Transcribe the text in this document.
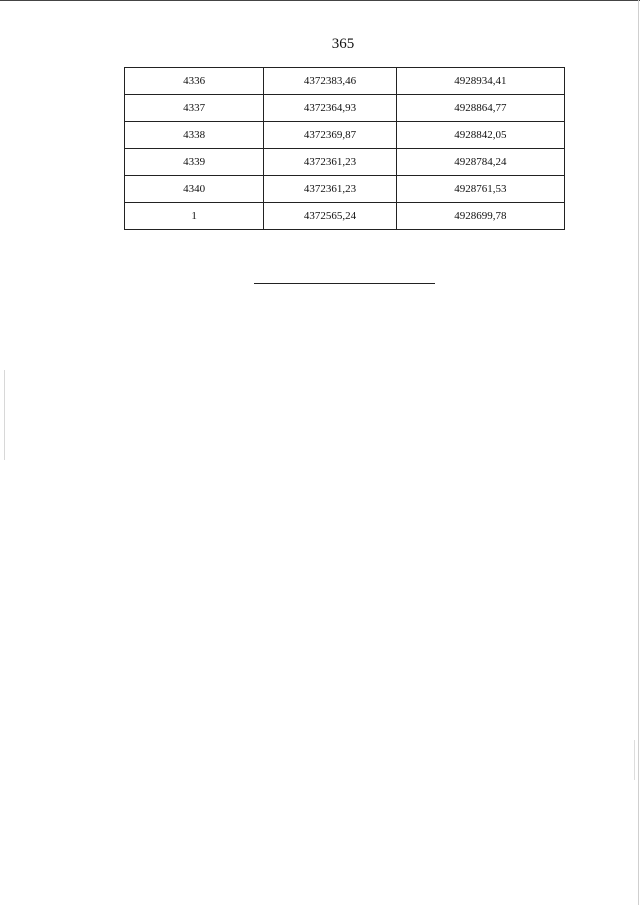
365
4336	4372383,46	4928934,41
4337	4372364,93	4928864,77
4338	4372369,87	4928842,05
4339	4372361,23	4928784,24
4340	4372361,23	4928761,53
1	4372565,24	4928699,78
